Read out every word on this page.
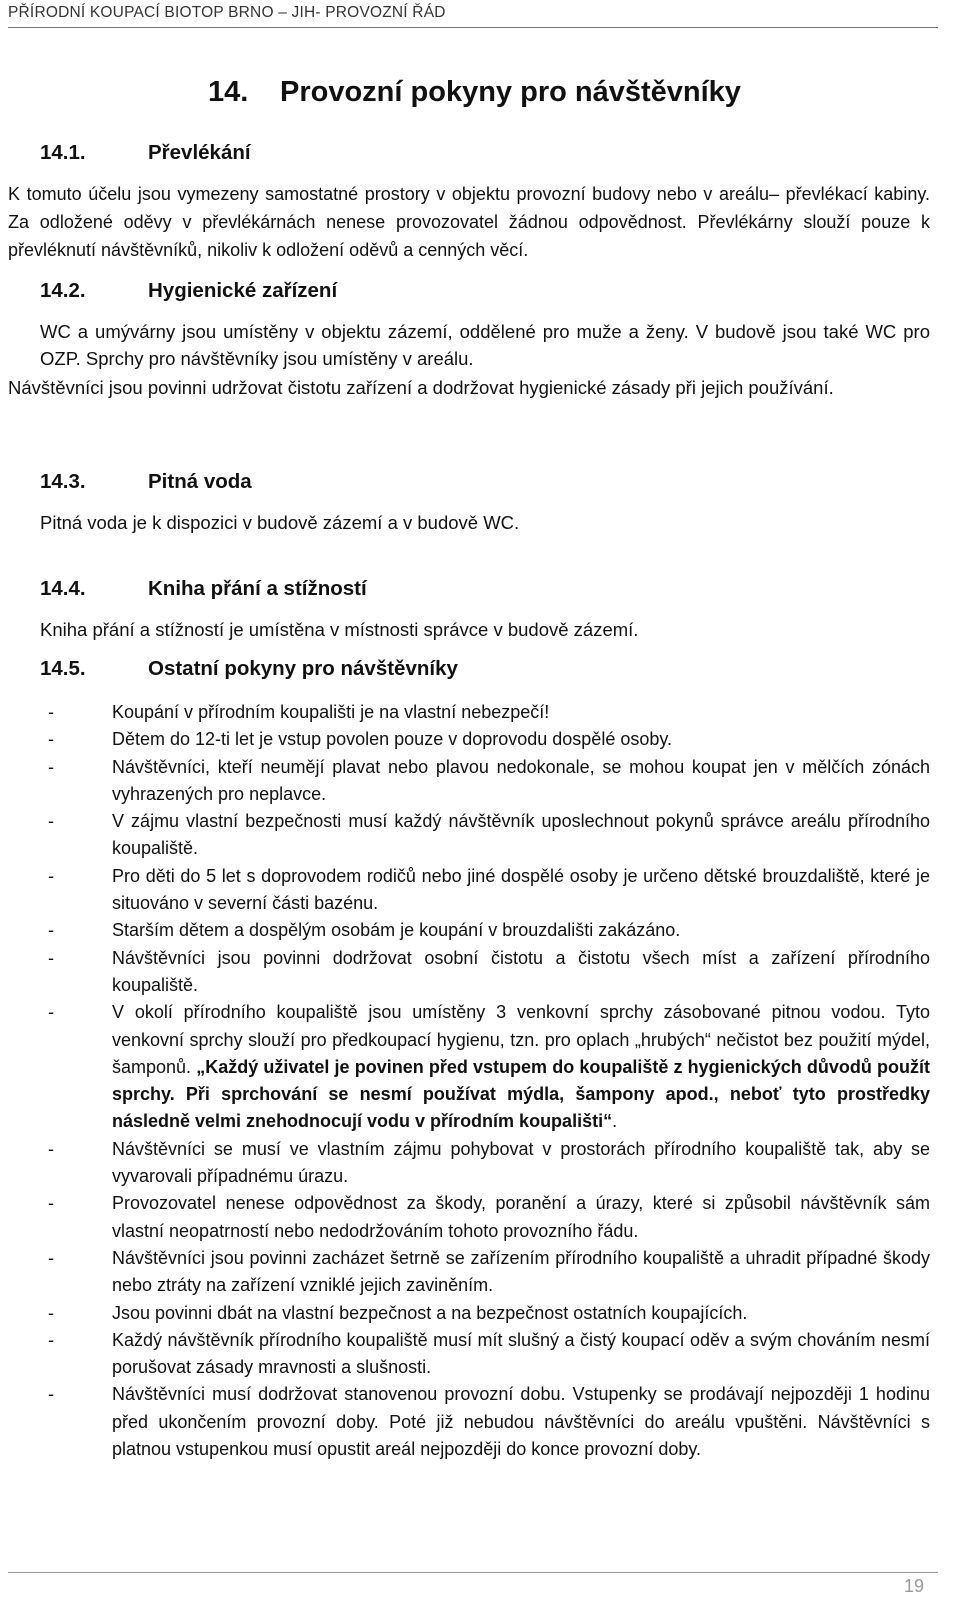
PŘÍRODNÍ KOUPACÍ BIOTOP BRNO – JIH- PROVOZNÍ ŘÁD
14. Provozní pokyny pro návštěvníky
14.1.	Převlékání
K tomuto účelu jsou vymezeny samostatné prostory v objektu provozní budovy nebo v areálu– převlékací kabiny. Za odložené oděvy v převlékárnách nenese provozovatel žádnou odpovědnost. Převlékárny slouží pouze k převléknutí návštěvníků, nikoliv k odložení oděvů a cenných věcí.
14.2.	Hygienické zařízení
WC a umývárny jsou umístěny v objektu zázemí, oddělené pro muže a ženy. V budově jsou také WC pro OZP. Sprchy pro návštěvníky jsou umístěny v areálu.
Návštěvníci jsou povinni udržovat čistotu zařízení a dodržovat hygienické zásady při jejich používání.
14.3.	Pitná voda
Pitná voda je k dispozici v budově zázemí a v budově WC.
14.4.	Kniha přání a stížností
Kniha přání a stížností je umístěna v místnosti správce v budově zázemí.
14.5.	Ostatní pokyny pro návštěvníky
-	Koupání v přírodním koupališti je na vlastní nebezpečí!
-	Dětem do 12-ti let je vstup povolen pouze v doprovodu dospělé osoby.
-	Návštěvníci, kteří neumějí plavat nebo plavou nedokonale, se mohou koupat jen v mělčích zónách vyhrazených pro neplavce.
-	V zájmu vlastní bezpečnosti musí každý návštěvník uposlechnout pokynů správce areálu přírodního koupaliště.
-	Pro děti do 5 let s doprovodem rodičů nebo jiné dospělé osoby je určeno dětské brouzdaliště, které je situováno v severní části bazénu.
-	Starším dětem a dospělým osobám je koupání v brouzdališti zakázáno.
-	Návštěvníci jsou povinni dodržovat osobní čistotu a čistotu všech míst a zařízení přírodního koupaliště.
-	V okolí přírodního koupaliště jsou umístěny 3 venkovní sprchy zásobované pitnou vodou. Tyto venkovní sprchy slouží pro předkoupací hygienu, tzn. pro oplach „hrubých“ nečistot bez použití mýdel, šamponů. „Každý uživatel je povinen před vstupem do koupaliště z hygienických důvodů použít sprchy. Při sprchování se nesmí používat mýdla, šampony apod., neboť tyto prostředky následně velmi znehodnocují vodu v přírodním koupališti“.
-	Návštěvníci se musí ve vlastním zájmu pohybovat v prostorách přírodního koupaliště tak, aby se vyvarovali případnému úrazu.
-	Provozovatel nenese odpovědnost za škody, poranění a úrazy, které si způsobil návštěvník sám vlastní neopatrností nebo nedodržováním tohoto provozního řádu.
-	Návštěvníci jsou povinni zacházet šetrně se zařízením přírodního koupaliště a uhradit případné škody nebo ztráty na zařízení vzniklé jejich zaviněním.
-	Jsou povinni dbát na vlastní bezpečnost a na bezpečnost ostatních koupajících.
-	Každý návštěvník přírodního koupaliště musí mít slušný a čistý koupací oděv a svým chováním nesmí porušovat zásady mravnosti a slušnosti.
-	Návštěvníci musí dodržovat stanovenou provozní dobu. Vstupenky se prodávají nejpozději 1 hodinu před ukončením provozní doby. Poté již nebudou návštěvníci do areálu vpuštěni. Návštěvníci s platnou vstupenkou musí opustit areál nejpozději do konce provozní doby.
19
